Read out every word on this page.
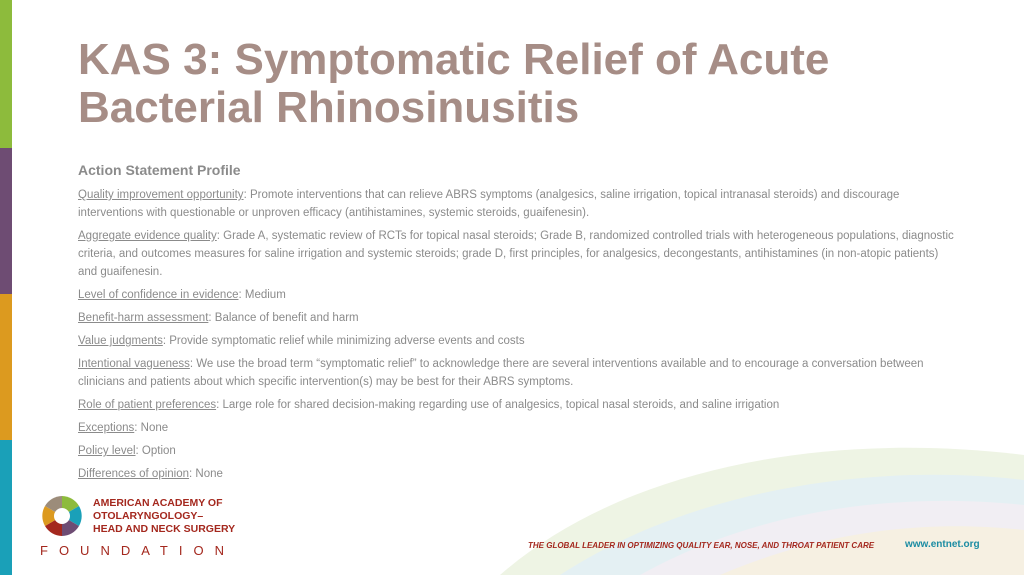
KAS 3: Symptomatic Relief of Acute Bacterial Rhinosinusitis
Action Statement Profile

Quality improvement opportunity: Promote interventions that can relieve ABRS symptoms (analgesics, saline irrigation, topical intranasal steroids) and discourage interventions with questionable or unproven efficacy (antihistamines, systemic steroids, guaifenesin).

Aggregate evidence quality: Grade A, systematic review of RCTs for topical nasal steroids; Grade B, randomized controlled trials with heterogeneous populations, diagnostic criteria, and outcomes measures for saline irrigation and systemic steroids; grade D, first principles, for analgesics, decongestants, antihistamines (in non-atopic patients) and guaifenesin.

Level of confidence in evidence: Medium

Benefit-harm assessment: Balance of benefit and harm

Value judgments: Provide symptomatic relief while minimizing adverse events and costs

Intentional vagueness: We use the broad term “symptomatic relief” to acknowledge there are several interventions available and to encourage a conversation between clinicians and patients about which specific intervention(s) may be best for their ABRS symptoms.

Role of patient preferences: Large role for shared decision-making regarding use of analgesics, topical nasal steroids, and saline irrigation

Exceptions: None

Policy level: Option

Differences of opinion: None

AMERICAN ACADEMY OF
OTOLARYNGOLOGY–
HEAD AND NECK SURGERY
FOUNDATION	THE GLOBAL LEADER IN OPTIMIZING QUALITY EAR, NOSE, AND THROAT PATIENT CARE	www.entnet.org
